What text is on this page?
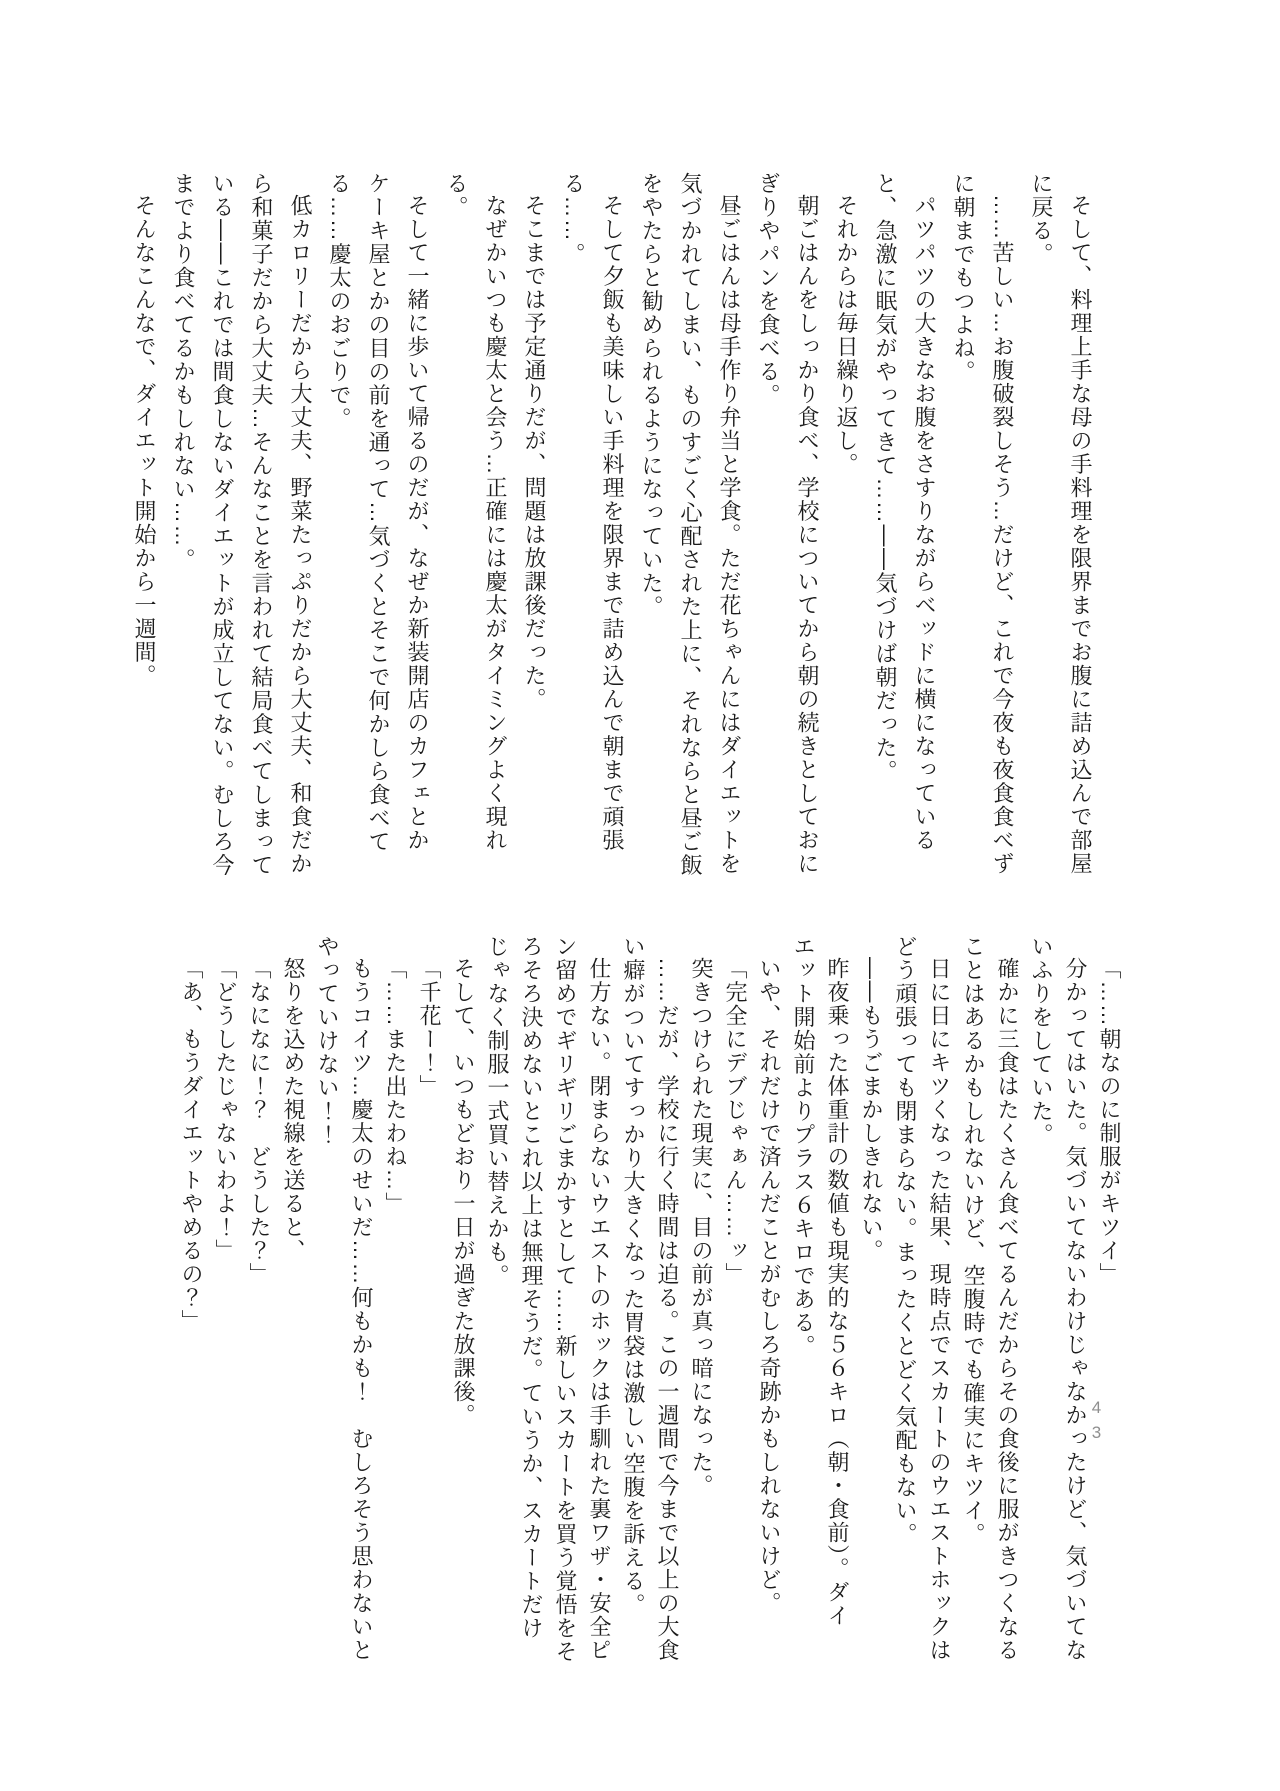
そして、料理上手な母の手料理を限界までお腹に詰め込んで部屋に戻る。

……苦しい…お腹破裂しそう…だけど、これで今夜も夜食食べずに朝までもつよね。

パツパツの大きなお腹をさすりながらベッドに横になっていると、急激に眠気がやってきて……——気づけば朝だった。

それからは毎日繰り返し。

朝ごはんをしっかり食べ、学校についてから朝の続きとしておにぎりやパンを食べる。

昼ごはんは母手作り弁当と学食。ただ花ちゃんにはダイエットを気づかれてしまい、ものすごく心配された上に、それならと昼ご飯をやたらと勧められるようになっていた。

そして夕飯も美味しい手料理を限界まで詰め込んで朝まで頑張る……。

そこまでは予定通りだが、問題は放課後だった。

なぜかいつも慶太と会う…正確には慶太がタイミングよく現れる。

そして一緒に歩いて帰るのだが、なぜか新装開店のカフェとかケーキ屋とかの目の前を通って…気づくとそこで何かしら食べてる……慶太のおごりで。

低カロリーだから大丈夫、野菜たっぷりだから大丈夫、和食だから和菓子だから大丈夫…そんなことを言われて結局食べてしまっている——これでは間食しないダイエットが成立してない。むしろ今までより食べてるかもしれない……。

そんなこんなで、ダイエット開始から一週間。

「……朝なのに制服がキツイ」

分かってはいた。気づいてないわけじゃなかったけど、気づいてないふりをしていた。

確かに三食はたくさん食べてるんだからその食後に服がきつくなることはあるかもしれないけど、空腹時でも確実にキツイ。

日に日にキツくなった結果、現時点でスカートのウエストホックはどう頑張っても閉まらない。まったくとどく気配もない。

——もうごまかしきれない。

昨夜乗った体重計の数値も現実的な５６キロ（朝・食前）。ダイエット開始前よりプラス６キロである。

いや、それだけで済んだことがむしろ奇跡かもしれないけど。

「完全にデブじゃぁん……ッ」

突きつけられた現実に、目の前が真っ暗になった。

……だが、学校に行く時間は迫る。この一週間で今まで以上の大食い癖がついてすっかり大きくなった胃袋は激しい空腹を訴える。

仕方ない。閉まらないウエストのホックは手馴れた裏ワザ・安全ピン留めでギリギリごまかすとして……新しいスカートを買う覚悟をそろそろ決めないとこれ以上は無理そうだ。ていうか、スカートだけじゃなく制服一式買い替えかも。

そして、いつもどおり一日が過ぎた放課後。

「千花ー！」

「……また出たわね…」

もうコイツ…慶太のせいだ……何もかも！　むしろそう思わないとやっていけない！！

怒りを込めた視線を送ると、

「なになに！？　どうした？」

「どうしたじゃないわよ！」

「あ、もうダイエットやめるの？」

43
